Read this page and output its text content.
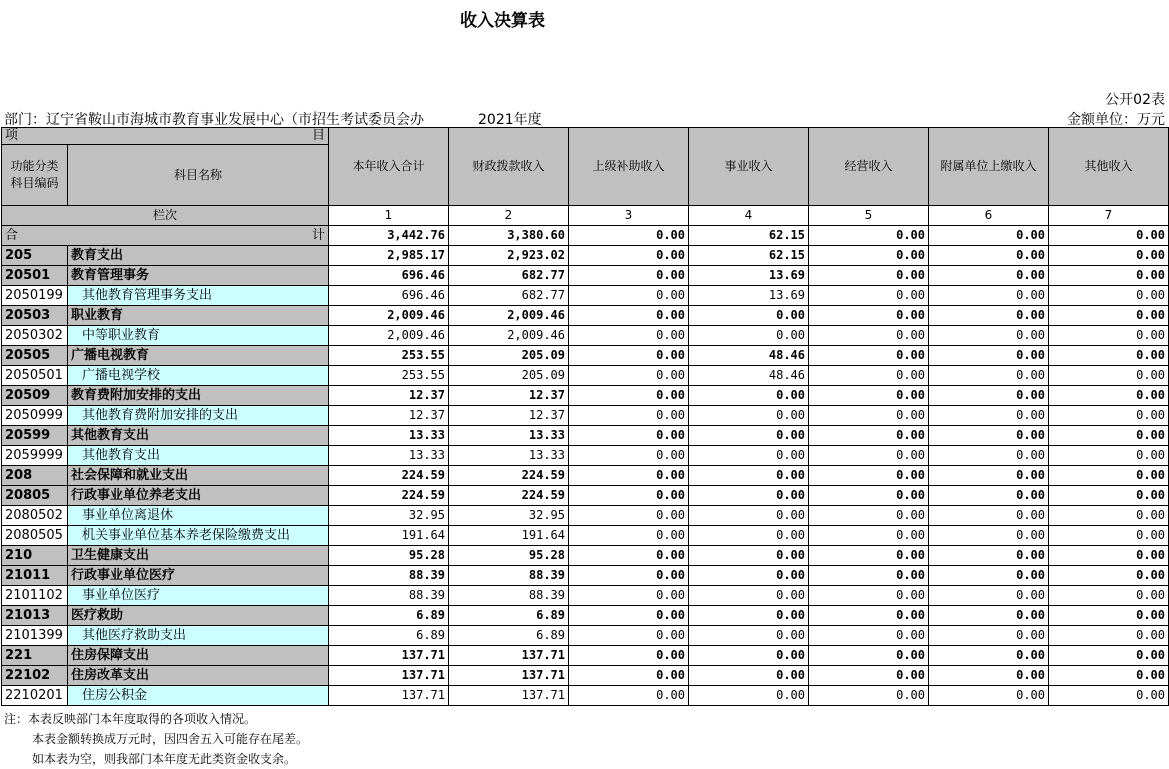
收入决算表
公开02表
部门：辽宁省鞍山市海城市教育事业发展中心（市招生考试委员会办	2021年度	金额单位：万元
项 目		本年收入合计	财政拨款收入	上级补助收入	事业收入	经营收入	附属单位上缴收入	其他收入
功能分类
科目编码	科目名称							
栏次		1	2	3	4	5	6	7
合 计		3,442.76	3,380.60	0.00	62.15	0.00	0.00	0.00
205	教育支出	2,985.17	2,923.02	0.00	62.15	0.00	0.00	0.00
20501	教育管理事务	696.46	682.77	0.00	13.69	0.00	0.00	0.00
2050199	其他教育管理事务支出	696.46	682.77	0.00	13.69	0.00	0.00	0.00
20503	职业教育	2,009.46	2,009.46	0.00	0.00	0.00	0.00	0.00
2050302	中等职业教育	2,009.46	2,009.46	0.00	0.00	0.00	0.00	0.00
20505	广播电视教育	253.55	205.09	0.00	48.46	0.00	0.00	0.00
2050501	广播电视学校	253.55	205.09	0.00	48.46	0.00	0.00	0.00
20509	教育费附加安排的支出	12.37	12.37	0.00	0.00	0.00	0.00	0.00
2050999	其他教育费附加安排的支出	12.37	12.37	0.00	0.00	0.00	0.00	0.00
20599	其他教育支出	13.33	13.33	0.00	0.00	0.00	0.00	0.00
2059999	其他教育支出	13.33	13.33	0.00	0.00	0.00	0.00	0.00
208	社会保障和就业支出	224.59	224.59	0.00	0.00	0.00	0.00	0.00
20805	行政事业单位养老支出	224.59	224.59	0.00	0.00	0.00	0.00	0.00
2080502	事业单位离退休	32.95	32.95	0.00	0.00	0.00	0.00	0.00
2080505	机关事业单位基本养老保险缴费支出	191.64	191.64	0.00	0.00	0.00	0.00	0.00
210	卫生健康支出	95.28	95.28	0.00	0.00	0.00	0.00	0.00
21011	行政事业单位医疗	88.39	88.39	0.00	0.00	0.00	0.00	0.00
2101102	事业单位医疗	88.39	88.39	0.00	0.00	0.00	0.00	0.00
21013	医疗救助	6.89	6.89	0.00	0.00	0.00	0.00	0.00
2101399	其他医疗救助支出	6.89	6.89	0.00	0.00	0.00	0.00	0.00
221	住房保障支出	137.71	137.71	0.00	0.00	0.00	0.00	0.00
22102	住房改革支出	137.71	137.71	0.00	0.00	0.00	0.00	0.00
2210201	住房公积金	137.71	137.71	0.00	0.00	0.00	0.00	0.00
注：本表反映部门本年度取得的各项收入情况。
本表金额转换成万元时，因四舍五入可能存在尾差。
如本表为空，则我部门本年度无此类资金收支余。
